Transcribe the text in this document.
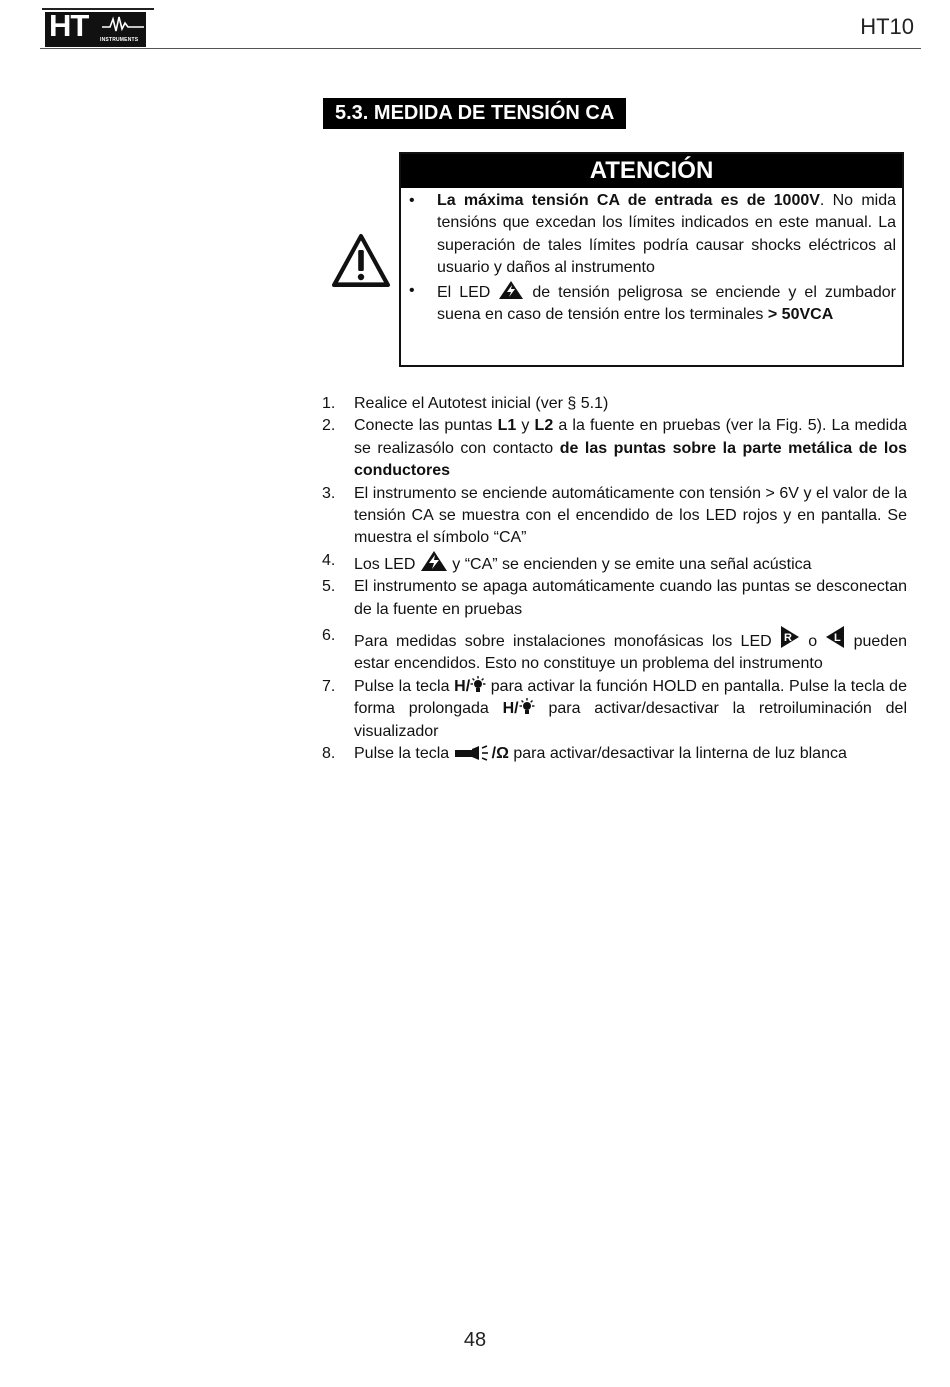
HT INSTRUMENTS
HT10
5.3. MEDIDA DE TENSIÓN CA
ATENCIÓN
• La máxima tensión CA de entrada es de 1000V. No mida tensións que excedan los límites indicados en este manual. La superación de tales límites podría causar shocks eléctricos al usuario y daños al instrumento
• El LED	de tensión peligrosa se enciende y el zumbador suena en caso de tensión entre los terminales > 50VCA
1. Realice el Autotest inicial (ver § 5.1)
2. Conecte las puntas L1 y L2 a la fuente en pruebas (ver la Fig. 5). La medida se realizasólo con contacto de las puntas sobre la parte metálica de los conductores
3. El instrumento se enciende automáticamente con tensión > 6V y el valor de la tensión CA se muestra con el encendido de los LED rojos y en pantalla. Se muestra el símbolo “CA”
4. Los LED y “CA” se encienden y se emite una señal acústica
5. El instrumento se apaga automáticamente cuando las puntas se desconectan de la fuente en pruebas
6. Para medidas sobre instalaciones monofásicas los LED R o L pueden estar encendidos. Esto no constituye un problema del instrumento
7. Pulse la tecla H/ para activar la función HOLD en pantalla. Pulse la tecla de forma prolongada H/ para activar/desactivar la retroiluminación del visualizador
8. Pulse la tecla	/Ω para activar/desactivar la linterna de luz blanca
48
